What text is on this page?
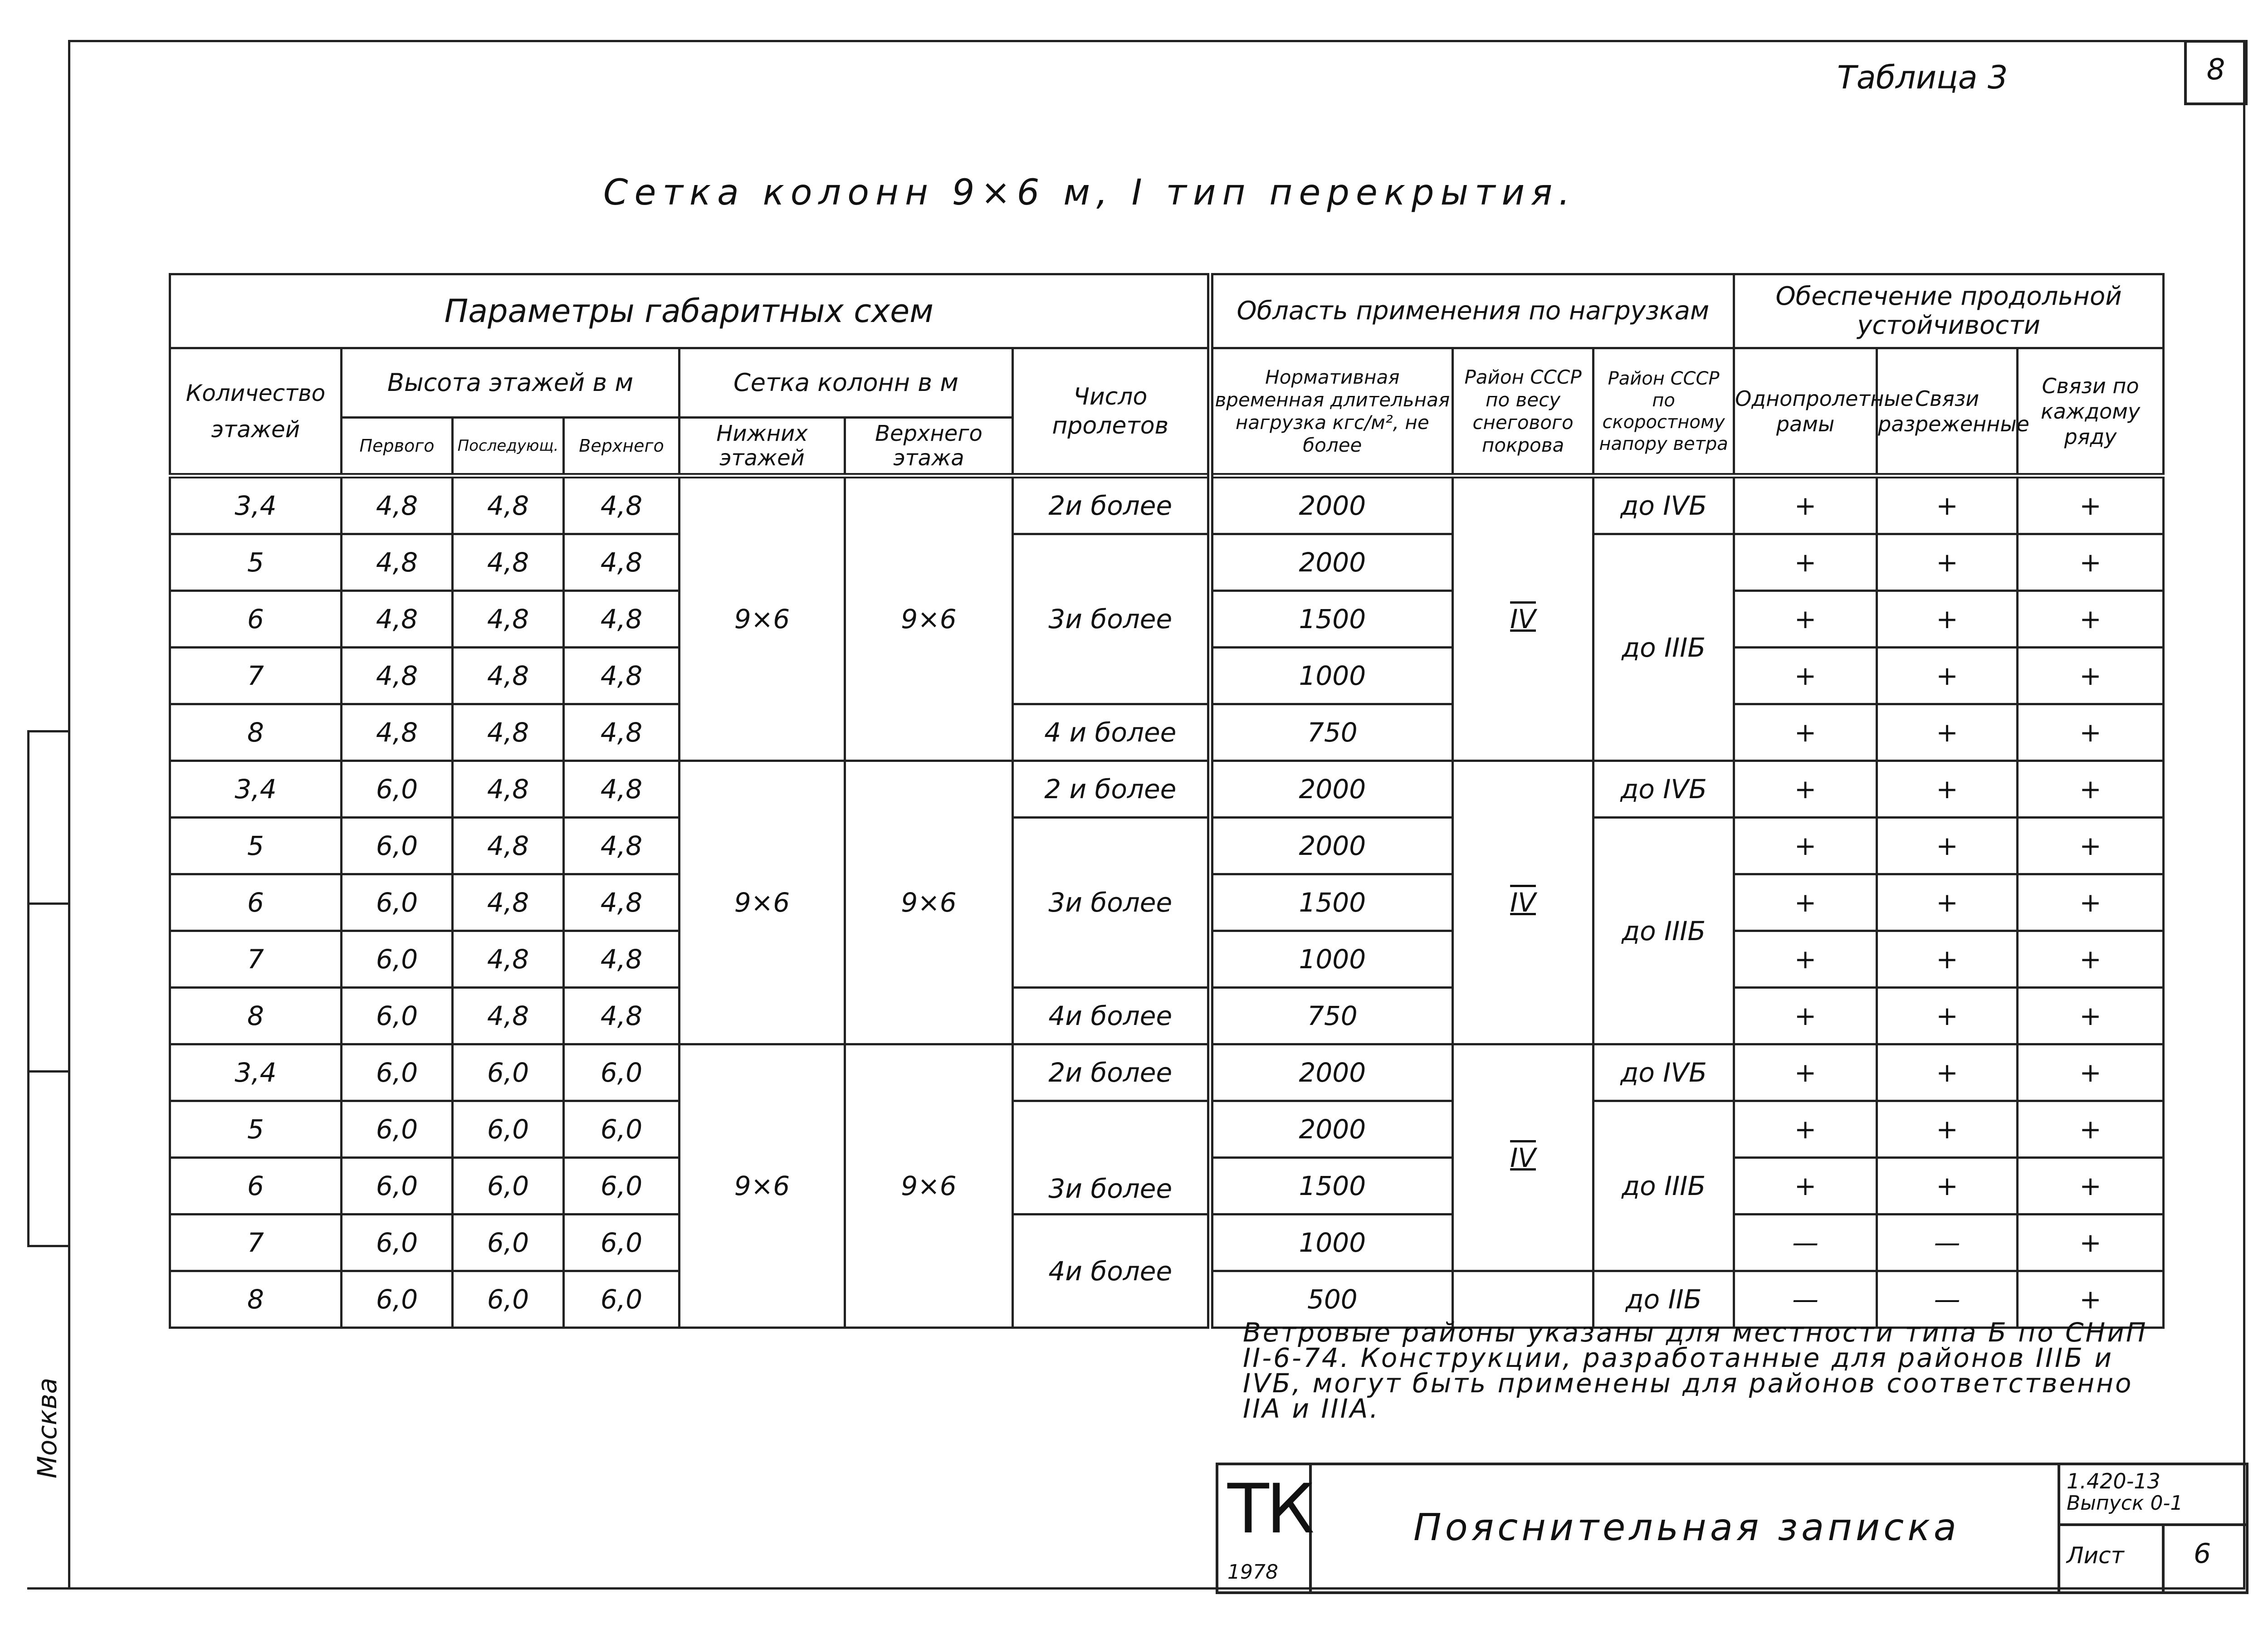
Москва
8
Таблица 3
Сетка колонн 9×6 м, I тип перекрытия.
Параметры габаритных схем							Область применения по нагрузкам			Обеспечение продольной устойчивости		
Количество этажей	Высота этажей в м			Сетка колонн в м		Число пролетов	Нормативная временная длительная нагрузка кгс/м², не более	Район СССР по весу снегового покрова	Район СССР по скоростному напору ветра	Однопролетные рамы	Связи разреженные	Связи по каждому ряду
	Первого	Последующ.	Верхнего	Нижних этажей	Верхнего этажа							
3,4	4,8	4,8	4,8	9×6	9×6	2и более	2000	IV	до IVБ	+	+	+
5	4,8	4,8	4,8			3и более	2000		до IIIБ	+	+	+
6	4,8	4,8	4,8				1500			+	+	+
7	4,8	4,8	4,8				1000			+	+	+
8	4,8	4,8	4,8			4 и более	750			+	+	+
3,4	6,0	4,8	4,8	9×6	9×6	2 и более	2000	IV	до IVБ	+	+	+
5	6,0	4,8	4,8			3и более	2000		до IIIБ	+	+	+
6	6,0	4,8	4,8				1500			+	+	+
7	6,0	4,8	4,8				1000			+	+	+
8	6,0	4,8	4,8			4и более	750			+	+	+
3,4	6,0	6,0	6,0	9×6	9×6	2и более	2000	IV	до IVБ	+	+	+
5	6,0	6,0	6,0			3и более	2000		до IIIБ	+	+	+
6	6,0	6,0	6,0				1500			+	+	+
7	6,0	6,0	6,0			4и более	1000			—	—	+
8	6,0	6,0	6,0				500		до IIБ	—	—	+
Ветровые районы указаны для местности типа Б по СНиП II-6-74. Конструкции, разработанные для районов IIIБ и IVБ, могут быть применены для районов соответственно IIА и IIIА.
ТК
1978
Пояснительная записка
1.420-13
Выпуск 0-1
Лист	6
